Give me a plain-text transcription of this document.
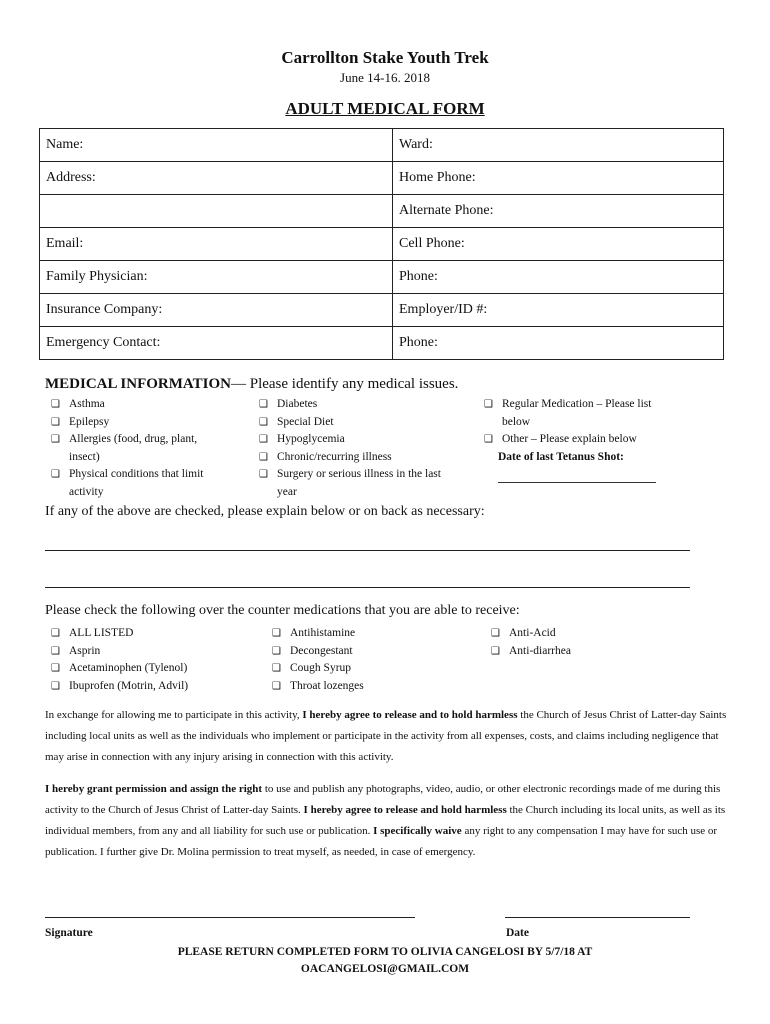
Carrollton Stake Youth Trek
June 14-16. 2018
ADULT MEDICAL FORM
Name:	Ward:
Address:	Home Phone:
	Alternate Phone:
Email:	Cell Phone:
Family Physician:	Phone:
Insurance Company:	Employer/ID #:
Emergency Contact:	Phone:
MEDICAL INFORMATION— Please identify any medical issues.
❑ Asthma
❑ Epilepsy
❑ Allergies (food, drug, plant,
insect)
❑ Physical conditions that limit
activity
❑ Diabetes
❑ Special Diet
❑ Hypoglycemia
❑ Chronic/recurring illness
❑ Surgery or serious illness in the last
year
❑ Regular Medication – Please list
below
❑ Other – Please explain below
Date of last Tetanus Shot:
If any of the above are checked, please explain below or on back as necessary:
Please check the following over the counter medications that you are able to receive:
❑ ALL LISTED
❑ Asprin
❑ Acetaminophen (Tylenol)
❑ Ibuprofen (Motrin, Advil)
❑ Antihistamine
❑ Decongestant
❑ Cough Syrup
❑ Throat lozenges
❑ Anti-Acid
❑ Anti-diarrhea
In exchange for allowing me to participate in this activity, I hereby agree to release and to hold harmless the Church of Jesus Christ of Latter-day Saints including local units as well as the individuals who implement or participate in the activity from all expenses, costs, and claims including negligence that may arise in connection with any injury arising in connection with this activity.
I hereby grant permission and assign the right to use and publish any photographs, video, audio, or other electronic recordings made of me during this activity to the Church of Jesus Christ of Latter-day Saints. I hereby agree to release and hold harmless the Church including its local units, as well as its individual members, from any and all liability for such use or publication. I specifically waive any right to any compensation I may have for such use or publication. I further give Dr. Molina permission to treat myself, as needed, in case of emergency.
Signature	Date
PLEASE RETURN COMPLETED FORM TO OLIVIA CANGELOSI BY 5/7/18 AT
OACANGELOSI@GMAIL.COM
